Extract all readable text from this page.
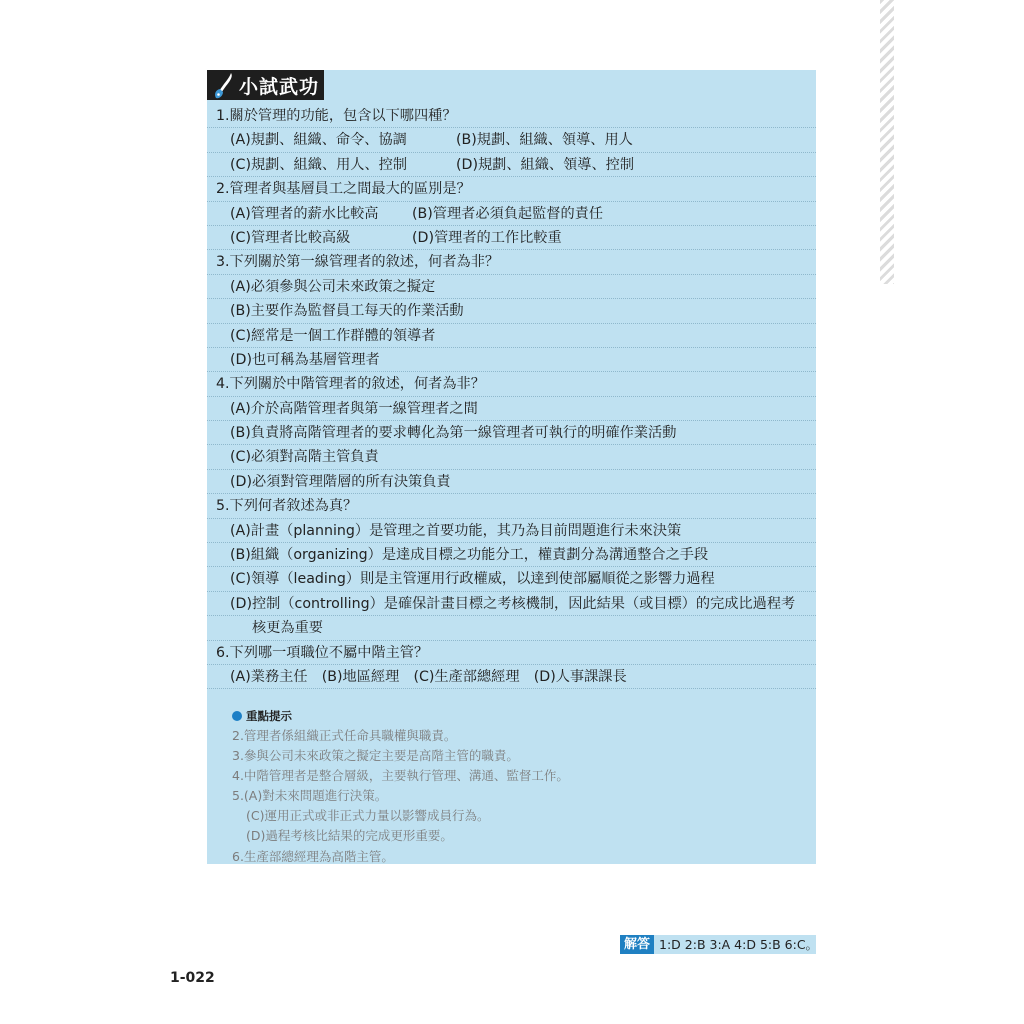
小試武功
1.關於管理的功能，包含以下哪四種？
(A)規劃、組織、命令、協調	(B)規劃、組織、領導、用人
(C)規劃、組織、用人、控制	(D)規劃、組織、領導、控制
2.管理者與基層員工之間最大的區別是？
(A)管理者的薪水比較高	(B)管理者必須負起監督的責任
(C)管理者比較高級	(D)管理者的工作比較重
3.下列關於第一線管理者的敘述，何者為非？
(A)必須參與公司未來政策之擬定
(B)主要作為監督員工每天的作業活動
(C)經常是一個工作群體的領導者
(D)也可稱為基層管理者
4.下列關於中階管理者的敘述，何者為非？
(A)介於高階管理者與第一線管理者之間
(B)負責將高階管理者的要求轉化為第一線管理者可執行的明確作業活動
(C)必須對高階主管負責
(D)必須對管理階層的所有決策負責
5.下列何者敘述為真？
(A)計畫（planning）是管理之首要功能，其乃為目前問題進行未來決策
(B)組織（organizing）是達成目標之功能分工，權責劃分為溝通整合之手段
(C)領導（leading）則是主管運用行政權威，以達到使部屬順從之影響力過程
(D)控制（controlling）是確保計畫目標之考核機制，因此結果（或目標）的完成比過程考
核更為重要
6.下列哪一項職位不屬中階主管？
(A)業務主任　(B)地區經理　(C)生產部總經理　(D)人事課課長
重點提示
2.管理者係組織正式任命具職權與職責。
3.參與公司未來政策之擬定主要是高階主管的職責。
4.中階管理者是整合層級，主要執行管理、溝通、監督工作。
5.(A)對未來問題進行決策。
(C)運用正式或非正式力量以影響成員行為。
(D)過程考核比結果的完成更形重要。
6.生產部總經理為高階主管。
解答 1:D 2:B 3:A 4:D 5:B 6:C。
1-022
